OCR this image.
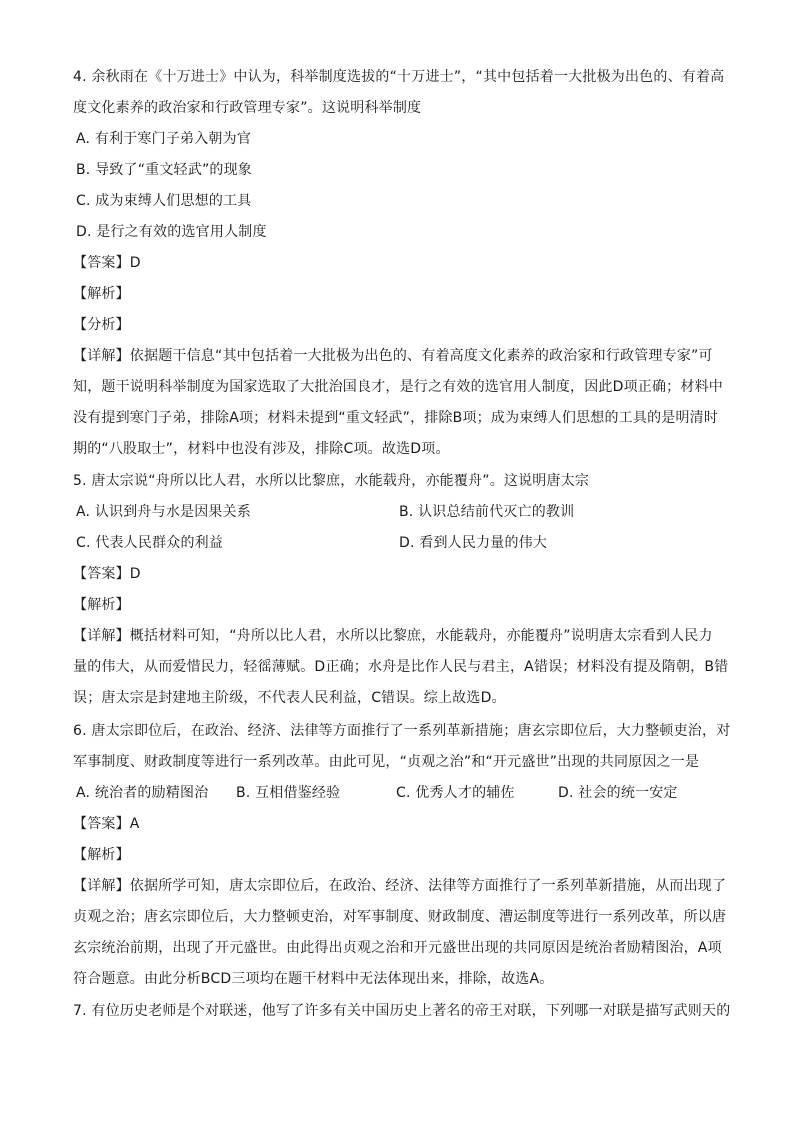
4. 余秋雨在《十万进士》中认为，科举制度选拔的“十万进士”，“其中包括着一大批极为出色的、有着高
度文化素养的政治家和行政管理专家”。这说明科举制度
A. 有利于寒门子弟入朝为官
B. 导致了“重文轻武”的现象
C. 成为束缚人们思想的工具
D. 是行之有效的选官用人制度
【答案】D
【解析】
【分析】
【详解】依据题干信息“其中包括着一大批极为出色的、有着高度文化素养的政治家和行政管理专家”可
知，题干说明科举制度为国家选取了大批治国良才，是行之有效的选官用人制度，因此D项正确；材料中
没有提到寒门子弟，排除A项；材料未提到“重文轻武”，排除B项；成为束缚人们思想的工具的是明清时
期的“八股取士”，材料中也没有涉及，排除C项。故选D项。
5. 唐太宗说“舟所以比人君，水所以比黎庶，水能载舟，亦能覆舟”。这说明唐太宗
A. 认识到舟与水是因果关系	B. 认识总结前代灭亡的教训
C. 代表人民群众的利益	D. 看到人民力量的伟大
【答案】D
【解析】
【详解】概括材料可知，“舟所以比人君，水所以比黎庶，水能载舟，亦能覆舟”说明唐太宗看到人民力
量的伟大，从而爱惜民力，轻徭薄赋。D正确；水舟是比作人民与君主，A错误；材料没有提及隋朝，B错
误；唐太宗是封建地主阶级，不代表人民利益，C错误。综上故选D。
6. 唐太宗即位后，在政治、经济、法律等方面推行了一系列革新措施；唐玄宗即位后，大力整顿吏治，对
军事制度、财政制度等进行一系列改革。由此可见，“贞观之治”和“开元盛世”出现的共同原因之一是
A. 统治者的励精图治	B. 互相借鉴经验	C. 优秀人才的辅佐	D. 社会的统一安定
【答案】A
【解析】
【详解】依据所学可知，唐太宗即位后，在政治、经济、法律等方面推行了一系列革新措施，从而出现了
贞观之治；唐玄宗即位后，大力整顿吏治，对军事制度、财政制度、漕运制度等进行一系列改革，所以唐
玄宗统治前期，出现了开元盛世。由此得出贞观之治和开元盛世出现的共同原因是统治者励精图治，A项
符合题意。由此分析BCD三项均在题干材料中无法体现出来，排除，故选A。
7. 有位历史老师是个对联迷，他写了许多有关中国历史上著名的帝王对联，下列哪一对联是描写武则天的
